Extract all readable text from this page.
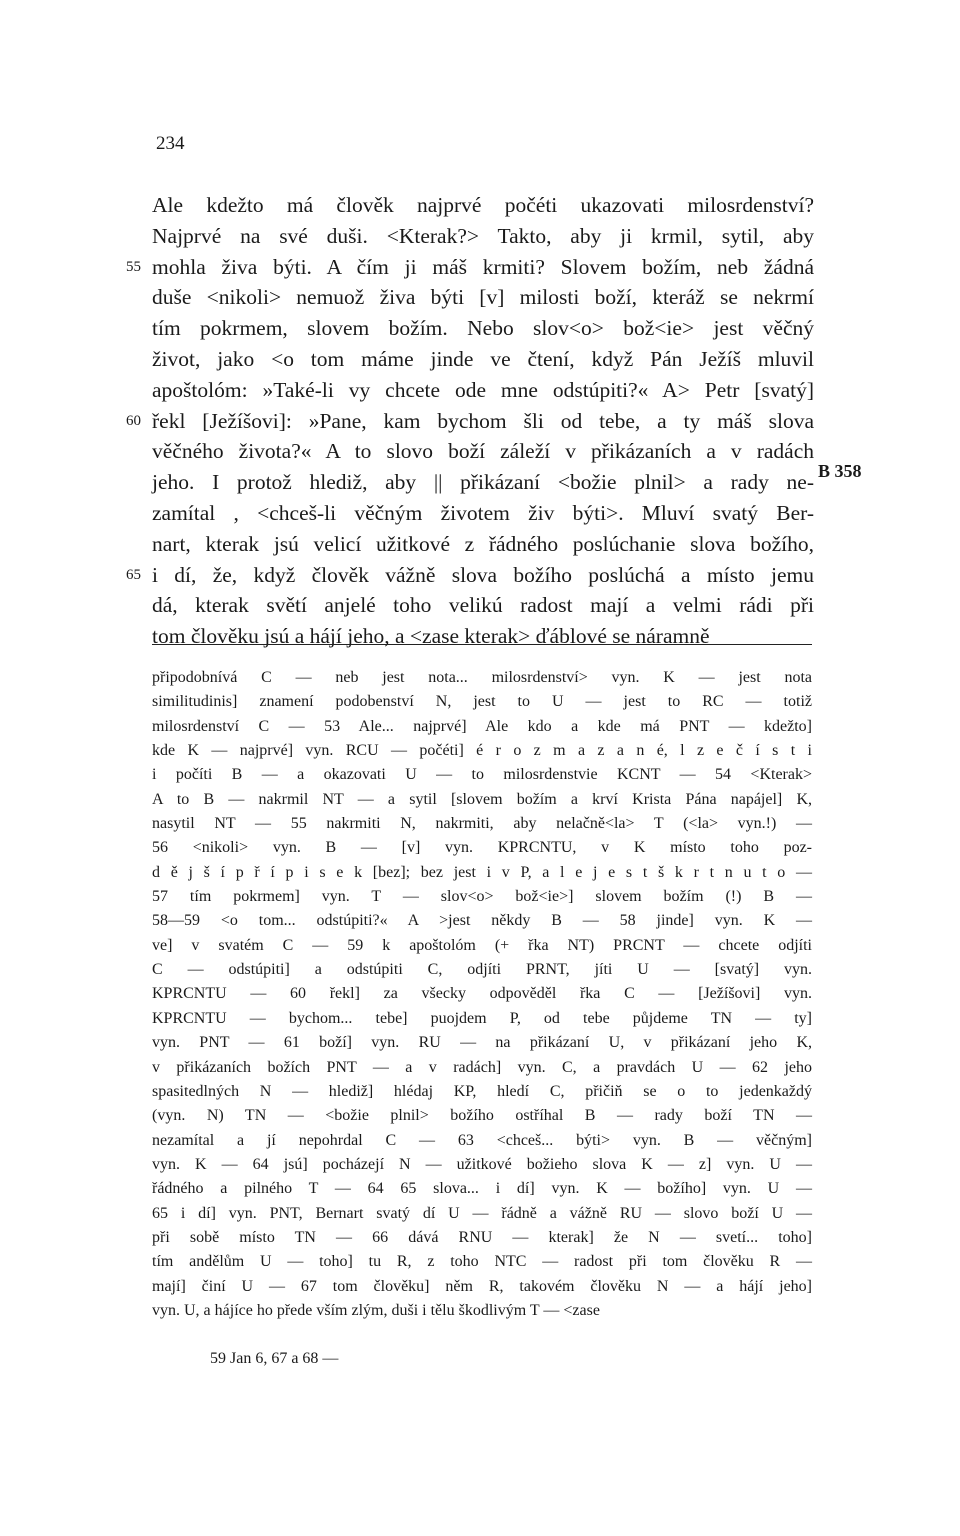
234
Ale kdežto má člověk najprvé počéti ukazovati milosrdenství?
Najprvé na své duši. <Kterak?> Takto, aby ji krmil, sytil, aby
55 mohla živa býti. A čím ji máš krmiti? Slovem božím, neb žádná
duše <nikoli> nemuož živa býti [v] milosti boží, kteráž se nekrmí
tím pokrmem, slovem božím. Nebo slov<o> bož<ie> jest věčný
život, jako <o tom máme jinde ve čtení, když Pán Ježíš mluvil
apoštolóm: »Také-li vy chcete ode mne odstúpiti?« A> Petr [svatý]
60 řekl [Ježíšovi]: »Pane, kam bychom šli od tebe, a ty máš slova
věčného života?« A to slovo boží záleží v přikázaních a v radách
jeho. I protož hlediž, aby || přikázaní <božie plnil> a rady ne-
zamítal , <chceš-li věčným životem živ býti>. Mluví svatý Ber-
nart, kterak jsú velicí užitkové z řádného poslúchanie slova božího,
65 i dí, že, když člověk vážně slova božího poslúchá a místo jemu
dá, kterak světí anjelé toho velikú radost mají a velmi rádi při
tom člověku jsú a hájí jeho, a <zase kterak> ďáblové se náramně
B 358
připodobnívá C — neb jest nota... milosrdenství> vyn. K — jest nota
similitudinis] znamení podobenství N, jest to U — jest to RC — totiž
milosrdenství C — 53 Ale... najprvé] Ale kdo a kde má PNT — kdežto]
kde K — najprvé] vyn. RCU — počéti] é r o z m a z a n é, l z e č í s t i
i počíti B — a okazovati U — to milosrdenstvie KCNT — 54 <Kterak>
A to B — nakrmil NT — a sytil [slovem božím a krví Krista Pána napájel] K,
nasytil NT — 55 nakrmiti N, nakrmiti, aby nelačně<la> T (<la> vyn.!) —
56 <nikoli> vyn. B — [v] vyn. KPRCNTU, v K místo toho poz-
d ě j š í p ř í p i s e k [bez]; bez jest i v P, a l e j e s t š k r t n u t o —
57 tím pokrmem] vyn. T — slov<o> bož<ie>] slovem božím (!) B —
58—59 <o tom... odstúpiti?« A >jest někdy B — 58 jinde] vyn. K —
ve] v svatém C — 59 k apoštolóm (+ řka NT) PRCNT — chcete odjíti
C — odstúpiti] a odstúpiti C, odjíti PRNT, jíti U — [svatý] vyn.
KPRCNTU — 60 řekl] za všecky odpověděl řka C — [Ježíšovi] vyn.
KPRCNTU — bychom... tebe] puojdem P, od tebe půjdeme TN — ty]
vyn. PNT — 61 boží] vyn. RU — na přikázaní U, v přikázaní jeho K,
v přikázaních božích PNT — a v radách] vyn. C, a pravdách U — 62 jeho
spasitedlných N — hlediž] hlédaj KP, hledí C, přičiň se o to jedenkaždý
(vyn. N) TN — <božie plnil> božího ostříhal B — rady boží TN —
nezamítal a jí nepohrdal C — 63 <chceš... býti> vyn. B — věčným]
vyn. K — 64 jsú] pocházejí N — užitkové božieho slova K — z] vyn. U —
řádného a pilného T — 64 65 slova... i dí] vyn. K — božího] vyn. U —
65 i dí] vyn. PNT, Bernart svatý dí U — řádně a vážně RU — slovo boží U —
při sobě místo TN — 66 dává RNU — kterak] že N — svetí... toho]
tím andělům U — toho] tu R, z toho NTC — radost při tom člověku R —
mají] činí U — 67 tom člověku] něm R, takovém člověku N — a hájí jeho]
vyn. U, a hájíce ho přede vším zlým, duši i tělu škodlivým T — <zase
59 Jan 6, 67 a 68 —
